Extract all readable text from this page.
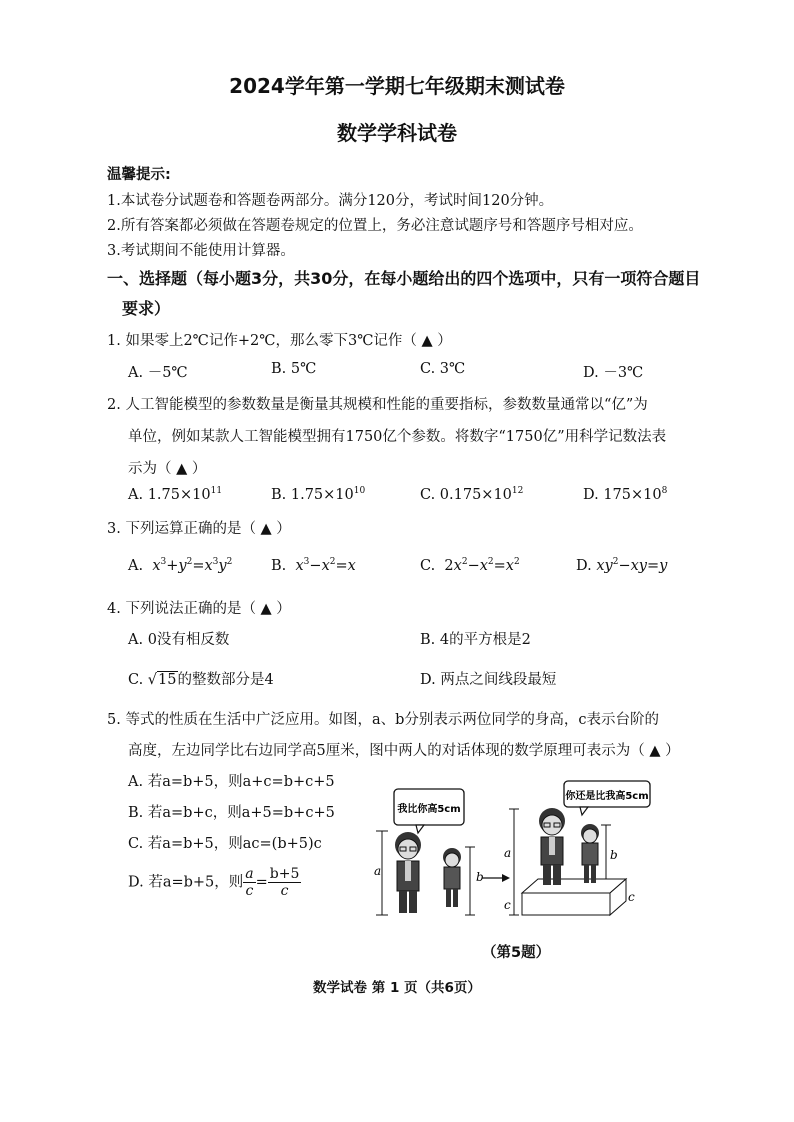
2024学年第一学期七年级期末测试卷
数学学科试卷
温馨提示:
1.本试卷分试题卷和答题卷两部分。满分120分，考试时间120分钟。
2.所有答案都必须做在答题卷规定的位置上，务必注意试题序号和答题序号相对应。
3.考试期间不能使用计算器。
一、选择题（每小题3分，共30分，在每小题给出的四个选项中，只有一项符合题目
要求）
1. 如果零上2℃记作+2℃，那么零下3℃记作（ ▲ ）
A. －5℃	B. 5℃	C. 3℃	D. －3℃
2. 人工智能模型的参数数量是衡量其规模和性能的重要指标，参数数量通常以“亿”为
单位，例如某款人工智能模型拥有1750亿个参数。将数字“1750亿”用科学记数法表
示为（ ▲ ）
A. $1.75\times 10^{11}$	B. $1.75\times 10^{10}$	C. $0.175\times 10^{12}$	D. $175\times 10^8$
3. 下列运算正确的是（ ▲ ）
A. $x^3+y^2=x^3y^2$	B. $x^3-x^2=x$	C.  $2x^2-x^2=x^2$	D. $xy^2-xy=y$
4. 下列说法正确的是（ ▲ ）
A. 0没有相反数	B. 4的平方根是2
C. √15的整数部分是4	D. 两点之间线段最短
5. 等式的性质在生活中广泛应用。如图，a、b分别表示两位同学的身高，c表示台阶的
高度，左边同学比右边同学高5厘米，图中两人的对话体现的数学原理可表示为（ ▲ ）
A. 若a=b+5，则a+c=b+c+5
B. 若a=b+c，则a+5=b+c+5
C. 若a=b+5，则ac=(b+5)c
D. 若a=b+5，则 $\frac{a}{c} = \frac{b+5}{c}$
我比你高5cm
a	b
你还是比我高5cm
a
c
b
c
（第5题）
数学试卷 第 1 页（共6页）
